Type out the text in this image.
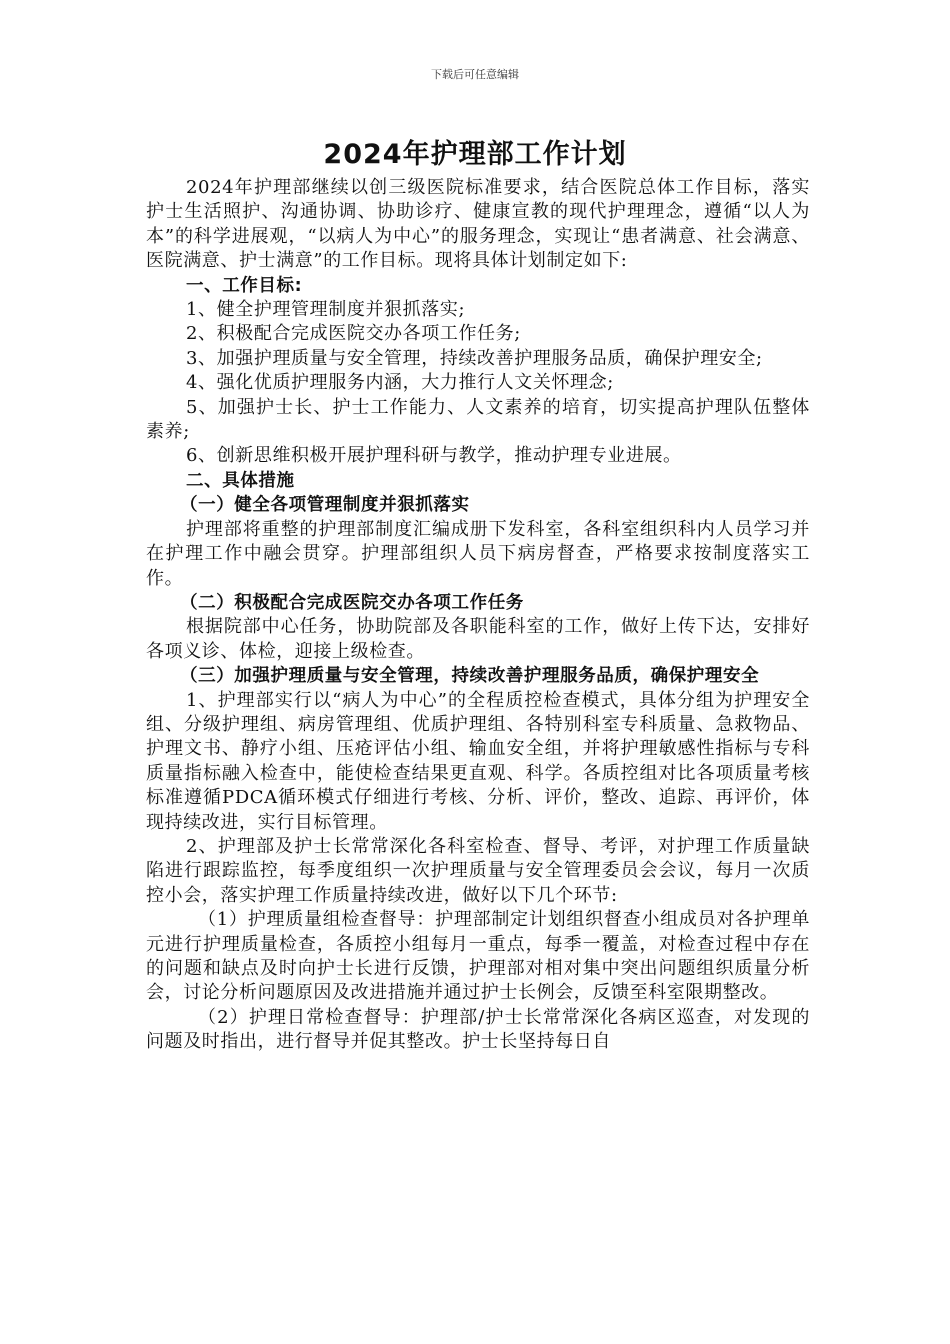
下载后可任意编辑
2024年护理部工作计划

2024年护理部继续以创三级医院标准要求，结合医院总体工作目标，落实护士生活照护、沟通协调、协助诊疗、健康宣教的现代护理理念，遵循“以人为本”的科学进展观，“以病人为中心”的服务理念，实现让“患者满意、社会满意、医院满意、护士满意”的工作目标。现将具体计划制定如下:

一、工作目标:

1、健全护理管理制度并狠抓落实;

2、积极配合完成医院交办各项工作任务;

3、加强护理质量与安全管理，持续改善护理服务品质，确保护理安全;

4、强化优质护理服务内涵，大力推行人文关怀理念;

5、加强护士长、护士工作能力、人文素养的培育，切实提高护理队伍整体素养;

6、创新思维积极开展护理科研与教学，推动护理专业进展。

二、具体措施

（一）健全各项管理制度并狠抓落实

护理部将重整的护理部制度汇编成册下发科室，各科室组织科内人员学习并在护理工作中融会贯穿。护理部组织人员下病房督查，严格要求按制度落实工作。

（二）积极配合完成医院交办各项工作任务

根据院部中心任务，协助院部及各职能科室的工作，做好上传下达，安排好各项义诊、体检，迎接上级检查。

（三）加强护理质量与安全管理，持续改善护理服务品质，确保护理安全

1、护理部实行以“病人为中心”的全程质控检查模式，具体分组为护理安全组、分级护理组、病房管理组、优质护理组、各特别科室专科质量、急救物品、护理文书、静疗小组、压疮评估小组、输血安全组，并将护理敏感性指标与专科质量指标融入检查中，能使检查结果更直观、科学。各质控组对比各项质量考核标准遵循PDCA循环模式仔细进行考核、分析、评价，整改、追踪、再评价，体现持续改进，实行目标管理。

2、护理部及护士长常常深化各科室检查、督导、考评，对护理工作质量缺陷进行跟踪监控，每季度组织一次护理质量与安全管理委员会会议，每月一次质控小会，落实护理工作质量持续改进，做好以下几个环节:

（1）护理质量组检查督导：护理部制定计划组织督查小组成员对各护理单元进行护理质量检查，各质控小组每月一重点，每季一覆盖，对检查过程中存在的问题和缺点及时向护士长进行反馈，护理部对相对集中突出问题组织质量分析会，讨论分析问题原因及改进措施并通过护士长例会，反馈至科室限期整改。

（2）护理日常检查督导：护理部/护士长常常深化各病区巡查，对发现的问题及时指出，进行督导并促其整改。护士长坚持每日自
